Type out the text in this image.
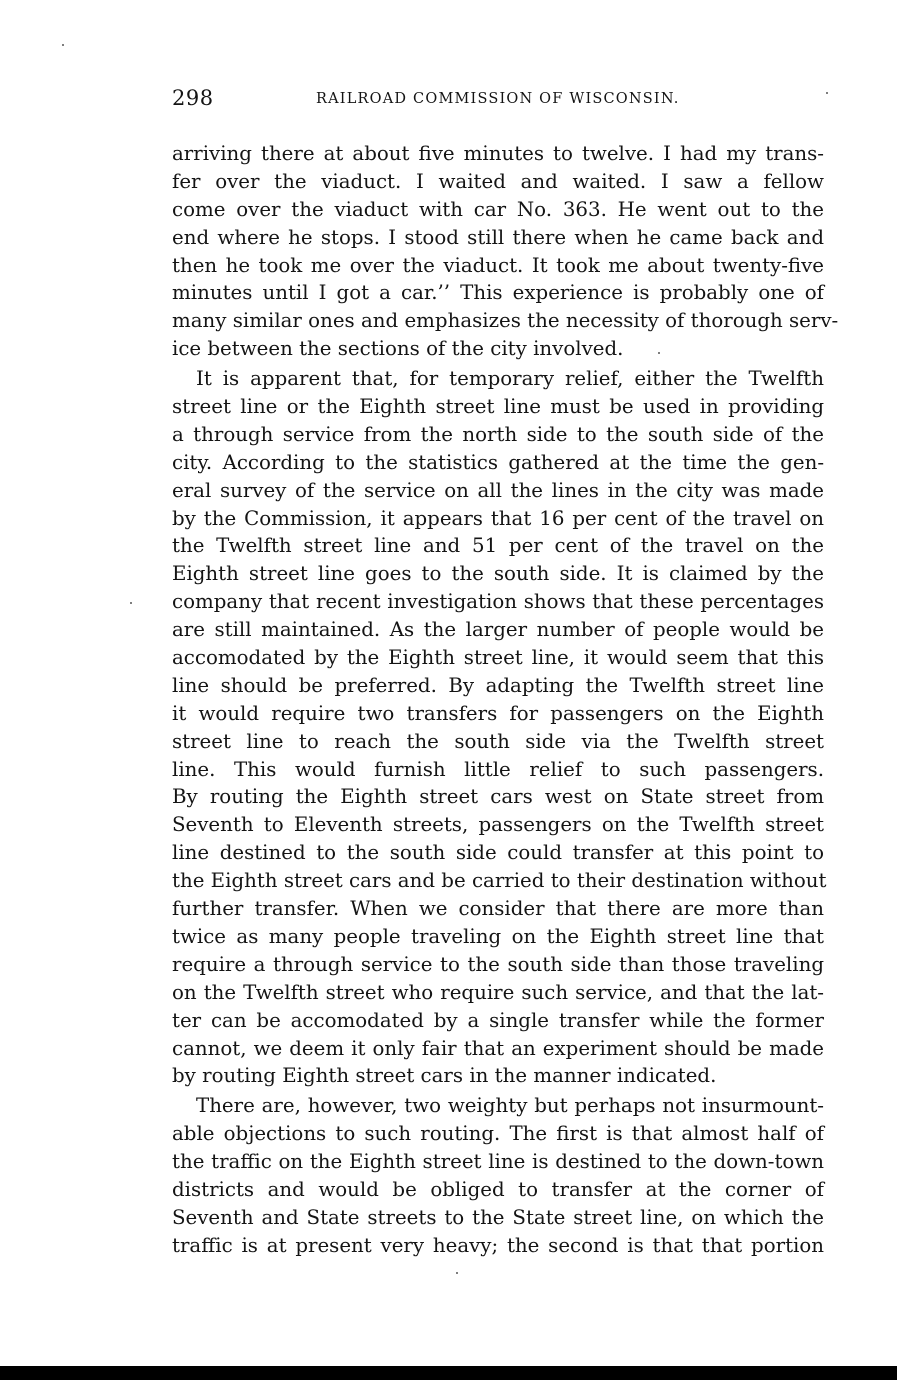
298	RAILROAD COMMISSION OF WISCONSIN.
arriving there at about five minutes to twelve. I had my trans-
fer over the viaduct. I waited and waited. I saw a fellow
come over the viaduct with car No. 363. He went out to the
end where he stops. I stood still there when he came back and
then he took me over the viaduct. It took me about twenty-five
minutes until I got a car.’’ This experience is probably one of
many similar ones and emphasizes the necessity of thorough serv-
ice between the sections of the city involved.
It is apparent that, for temporary relief, either the Twelfth
street line or the Eighth street line must be used in providing
a through service from the north side to the south side of the
city. According to the statistics gathered at the time the gen-
eral survey of the service on all the lines in the city was made
by the Commission, it appears that 16 per cent of the travel on
the Twelfth street line and 51 per cent of the travel on the
Eighth street line goes to the south side. It is claimed by the
company that recent investigation shows that these percentages
are still maintained. As the larger number of people would be
accomodated by the Eighth street line, it would seem that this
line should be preferred. By adapting the Twelfth street line
it would require two transfers for passengers on the Eighth
street line to reach the south side via the Twelfth street
line. This would furnish little relief to such passengers.
By routing the Eighth street cars west on State street from
Seventh to Eleventh streets, passengers on the Twelfth street
line destined to the south side could transfer at this point to
the Eighth street cars and be carried to their destination without
further transfer. When we consider that there are more than
twice as many people traveling on the Eighth street line that
require a through service to the south side than those traveling
on the Twelfth street who require such service, and that the lat-
ter can be accomodated by a single transfer while the former
cannot, we deem it only fair that an experiment should be made
by routing Eighth street cars in the manner indicated.
There are, however, two weighty but perhaps not insurmount-
able objections to such routing. The first is that almost half of
the traffic on the Eighth street line is destined to the down-town
districts and would be obliged to transfer at the corner of
Seventh and State streets to the State street line, on which the
traffic is at present very heavy; the second is that that portion
